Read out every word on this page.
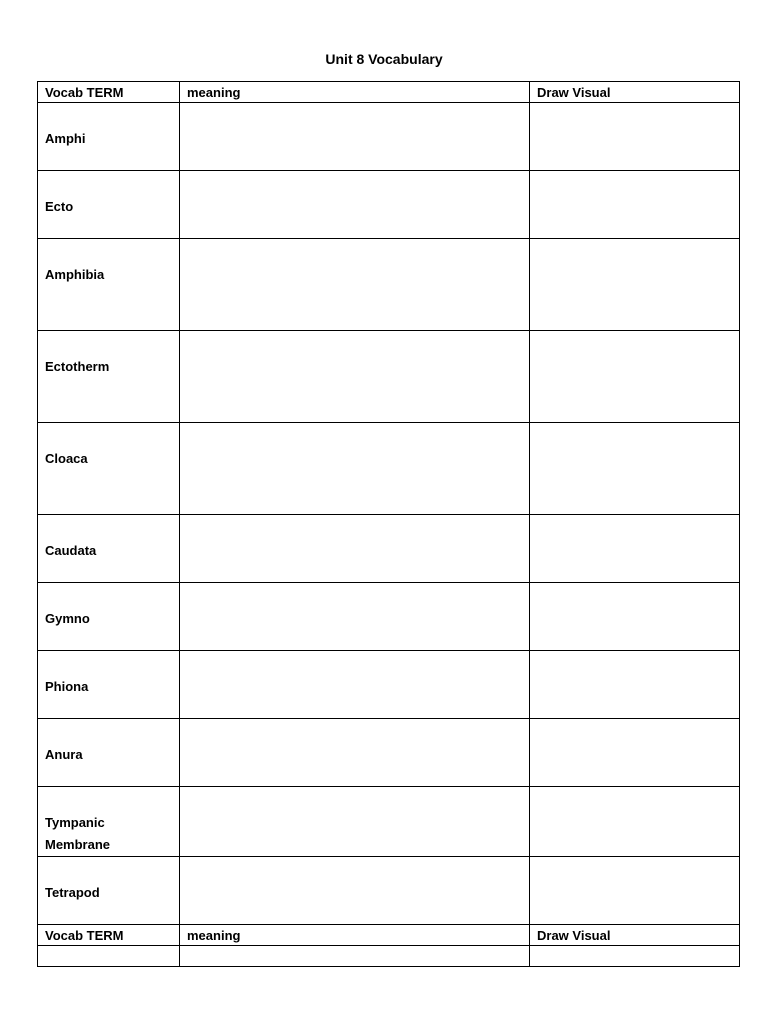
Unit 8 Vocabulary
Vocab TERM	meaning	Draw Visual
Amphi		
Ecto		
Amphibia		
Ectotherm		
Cloaca		
Caudata		
Gymno		
Phiona		
Anura		
Tympanic Membrane		
Tetrapod		
Vocab TERM	meaning	Draw Visual
